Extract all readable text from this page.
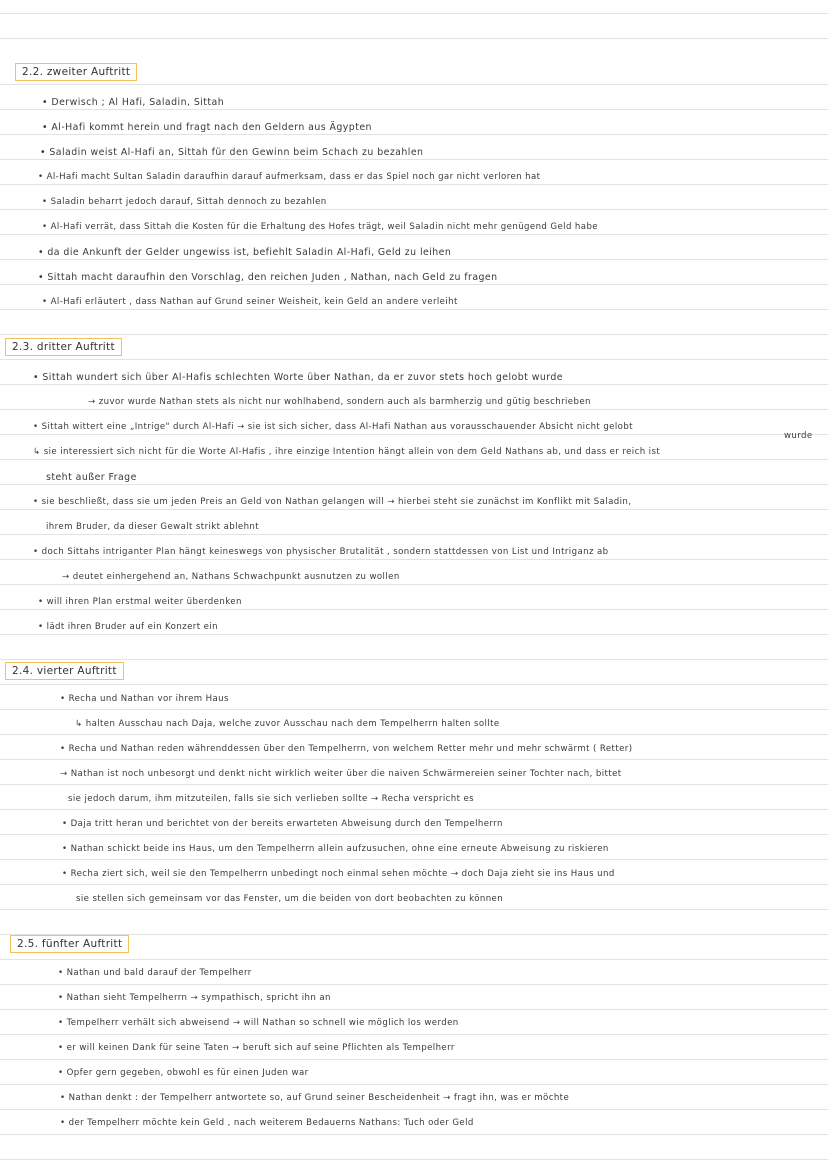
2.2. zweiter Auftritt
• Derwisch ; Al Hafi, Saladin, Sittah
• Al-Hafi kommt herein und fragt nach den Geldern aus Ägypten
• Saladin weist Al-Hafi an, Sittah für den Gewinn beim Schach zu bezahlen
• Al-Hafi macht Sultan Saladin daraufhin darauf aufmerksam, dass er das Spiel noch gar nicht verloren hat
• Saladin beharrt jedoch darauf, Sittah dennoch zu bezahlen
• Al-Hafi verrät, dass Sittah die Kosten für die Erhaltung des Hofes trägt, weil Saladin nicht mehr genügend Geld habe
• da die Ankunft der Gelder ungewiss ist, befiehlt Saladin Al-Hafi, Geld zu leihen
• Sittah macht daraufhin den Vorschlag, den reichen Juden , Nathan, nach Geld zu fragen
• Al-Hafi erläutert , dass Nathan auf Grund seiner Weisheit, kein Geld an andere verleiht
2.3. dritter Auftritt
• Sittah wundert sich über Al-Hafis schlechten Worte über Nathan, da er zuvor stets hoch gelobt wurde
→ zuvor wurde Nathan stets als nicht nur wohlhabend, sondern auch als barmherzig und gütig beschrieben
• Sittah wittert eine „Intrige" durch Al-Hafi → sie ist sich sicher, dass Al-Hafi Nathan aus vorausschauender Absicht nicht gelobt
wurde
↳ sie interessiert sich nicht für die Worte Al-Hafis , ihre einzige Intention hängt allein von dem Geld Nathans ab, und dass er reich ist
steht außer Frage
• sie beschließt, dass sie um jeden Preis an Geld von Nathan gelangen will → hierbei steht sie zunächst im Konflikt mit Saladin,
ihrem Bruder, da dieser Gewalt strikt ablehnt
• doch Sittahs intriganter Plan hängt keineswegs von physischer Brutalität , sondern stattdessen von List und Intriganz ab
→ deutet einhergehend an, Nathans Schwachpunkt ausnutzen zu wollen
• will ihren Plan erstmal weiter überdenken
• lädt ihren Bruder auf ein Konzert ein
2.4. vierter Auftritt
• Recha und Nathan vor ihrem Haus
↳ halten Ausschau nach Daja, welche zuvor Ausschau nach dem Tempelherrn halten sollte
• Recha und Nathan reden währenddessen über den Tempelherrn, von welchem Retter mehr und mehr schwärmt ( Retter)
→ Nathan ist noch unbesorgt und denkt nicht wirklich weiter über die naiven Schwärmereien seiner Tochter nach, bittet
sie jedoch darum, ihm mitzuteilen, falls sie sich verlieben sollte → Recha verspricht es
• Daja tritt heran und berichtet von der bereits erwarteten Abweisung durch den Tempelherrn
• Nathan schickt beide ins Haus, um den Tempelherrn allein aufzusuchen, ohne eine erneute Abweisung zu riskieren
• Recha ziert sich, weil sie den Tempelherrn unbedingt noch einmal sehen möchte → doch Daja zieht sie ins Haus und
sie stellen sich gemeinsam vor das Fenster, um die beiden von dort beobachten zu können
2.5. fünfter Auftritt
• Nathan und bald darauf der Tempelherr
• Nathan sieht Tempelherrn → sympathisch, spricht ihn an
• Tempelherr verhält sich abweisend → will Nathan so schnell wie möglich los werden
• er will keinen Dank für seine Taten → beruft sich auf seine Pflichten als Tempelherr
• Opfer gern gegeben, obwohl es für einen Juden war
• Nathan denkt : der Tempelherr antwortete so, auf Grund seiner Bescheidenheit → fragt ihn, was er möchte
• der Tempelherr möchte kein Geld , nach weiterem Bedauerns Nathans: Tuch oder Geld
